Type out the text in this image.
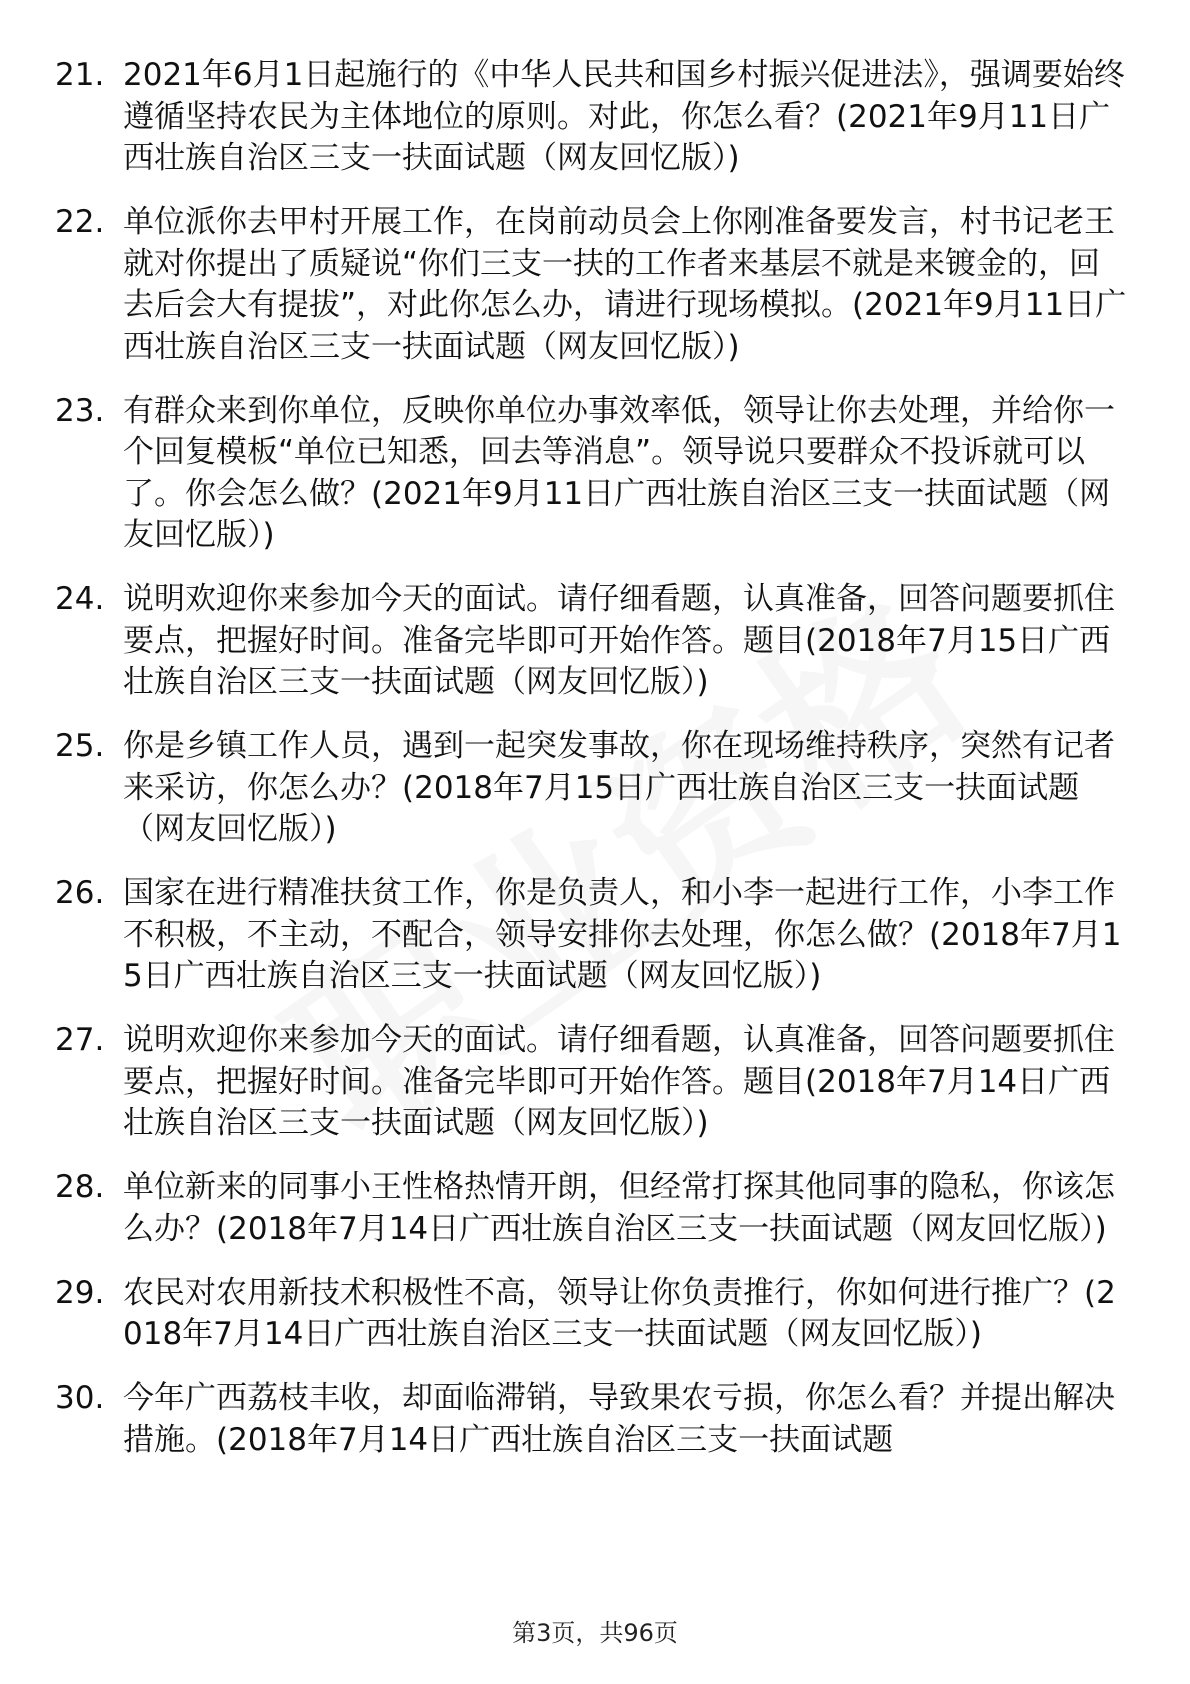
21. 2021年6月1日起施行的《中华人民共和国乡村振兴促进法》，强调要始终遵循坚持农民为主体地位的原则。对此，你怎么看？(2021年9月11日广西壮族自治区三支一扶面试题（网友回忆版）)
22. 单位派你去甲村开展工作，在岗前动员会上你刚准备要发言，村书记老王就对你提出了质疑说“你们三支一扶的工作者来基层不就是来镀金的，回去后会大有提拔”，对此你怎么办，请进行现场模拟。(2021年9月11日广西壮族自治区三支一扶面试题（网友回忆版）)
23. 有群众来到你单位，反映你单位办事效率低，领导让你去处理，并给你一个回复模板“单位已知悉，回去等消息”。领导说只要群众不投诉就可以了。你会怎么做？(2021年9月11日广西壮族自治区三支一扶面试题（网友回忆版）)
24. 说明欢迎你来参加今天的面试。请仔细看题，认真准备，回答问题要抓住要点，把握好时间。准备完毕即可开始作答。题目(2018年7月15日广西壮族自治区三支一扶面试题（网友回忆版）)
25. 你是乡镇工作人员，遇到一起突发事故，你在现场维持秩序，突然有记者来采访，你怎么办？(2018年7月15日广西壮族自治区三支一扶面试题（网友回忆版）)
26. 国家在进行精准扶贫工作，你是负责人，和小李一起进行工作，小李工作不积极，不主动，不配合，领导安排你去处理，你怎么做？(2018年7月15日广西壮族自治区三支一扶面试题（网友回忆版）)
27. 说明欢迎你来参加今天的面试。请仔细看题，认真准备，回答问题要抓住要点，把握好时间。准备完毕即可开始作答。题目(2018年7月14日广西壮族自治区三支一扶面试题（网友回忆版）)
28. 单位新来的同事小王性格热情开朗，但经常打探其他同事的隐私，你该怎么办？(2018年7月14日广西壮族自治区三支一扶面试题（网友回忆版）)
29. 农民对农用新技术积极性不高，领导让你负责推行，你如何进行推广？(2018年7月14日广西壮族自治区三支一扶面试题（网友回忆版）)
30. 今年广西荔枝丰收，却面临滞销，导致果农亏损，你怎么看？并提出解决措施。(2018年7月14日广西壮族自治区三支一扶面试题
第3页，共96页
